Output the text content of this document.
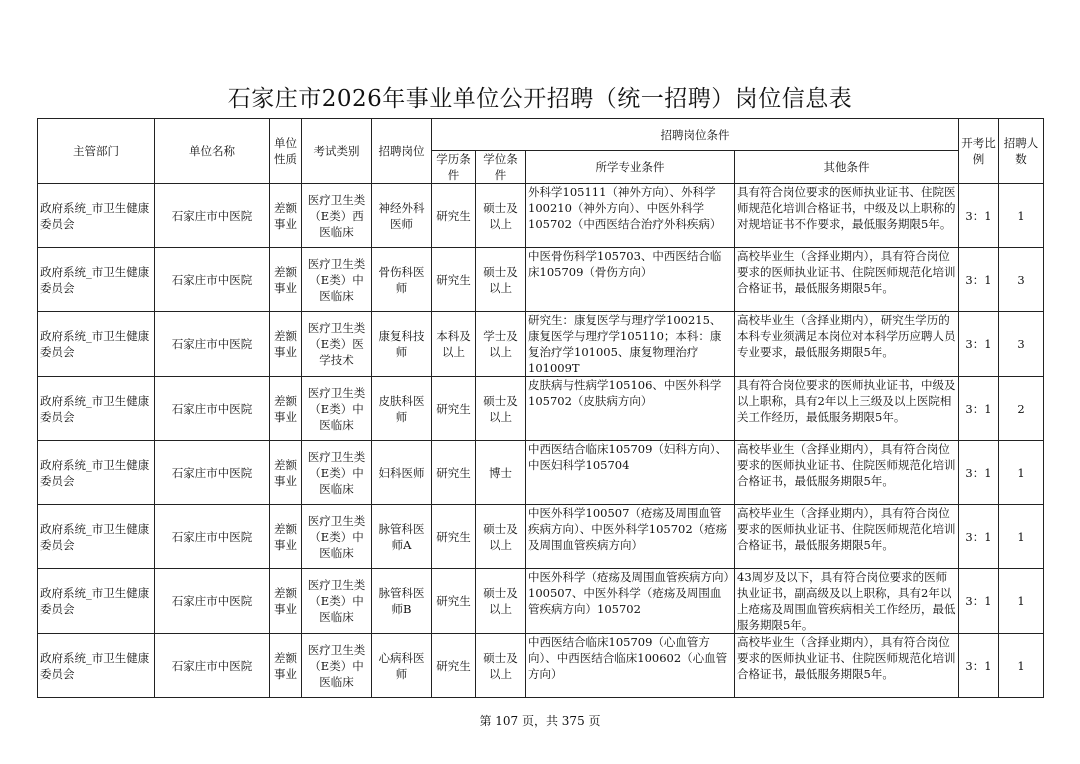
石家庄市2026年事业单位公开招聘（统一招聘）岗位信息表
主管部门	单位名称	单位性质	考试类别	招聘岗位	招聘岗位条件				开考比例	招聘人数
					学历条件	学位条件	所学专业条件	其他条件		
政府系统_市卫生健康委员会	石家庄市中医院	差额事业	医疗卫生类（E类）西医临床	神经外科医师	研究生	硕士及以上	外科学105111（神外方向）、外科学100210（神外方向）、中医外科学105702（中西医结合治疗外科疾病）	具有符合岗位要求的医师执业证书、住院医师规范化培训合格证书，中级及以上职称的对规培证书不作要求，最低服务期限5年。	3：1	1
政府系统_市卫生健康委员会	石家庄市中医院	差额事业	医疗卫生类（E类）中医临床	骨伤科医师	研究生	硕士及以上	中医骨伤科学105703、中西医结合临床105709（骨伤方向）	高校毕业生（含择业期内），具有符合岗位要求的医师执业证书、住院医师规范化培训合格证书，最低服务期限5年。	3：1	3
政府系统_市卫生健康委员会	石家庄市中医院	差额事业	医疗卫生类（E类）医学技术	康复科技师	本科及以上	学士及以上	研究生：康复医学与理疗学100215、康复医学与理疗学105110；本科：康复治疗学101005、康复物理治疗101009T	高校毕业生（含择业期内），研究生学历的本科专业须满足本岗位对本科学历应聘人员专业要求，最低服务期限5年。	3：1	3
政府系统_市卫生健康委员会	石家庄市中医院	差额事业	医疗卫生类（E类）中医临床	皮肤科医师	研究生	硕士及以上	皮肤病与性病学105106、中医外科学105702（皮肤病方向）	具有符合岗位要求的医师执业证书，中级及以上职称，具有2年以上三级及以上医院相关工作经历，最低服务期限5年。	3：1	2
政府系统_市卫生健康委员会	石家庄市中医院	差额事业	医疗卫生类（E类）中医临床	妇科医师	研究生	博士	中西医结合临床105709（妇科方向）、中医妇科学105704	高校毕业生（含择业期内），具有符合岗位要求的医师执业证书、住院医师规范化培训合格证书，最低服务期限5年。	3：1	1
政府系统_市卫生健康委员会	石家庄市中医院	差额事业	医疗卫生类（E类）中医临床	脉管科医师A	研究生	硕士及以上	中医外科学100507（疮疡及周围血管疾病方向）、中医外科学105702（疮疡及周围血管疾病方向）	高校毕业生（含择业期内），具有符合岗位要求的医师执业证书、住院医师规范化培训合格证书，最低服务期限5年。	3：1	1
政府系统_市卫生健康委员会	石家庄市中医院	差额事业	医疗卫生类（E类）中医临床	脉管科医师B	研究生	硕士及以上	中医外科学（疮疡及周围血管疾病方向）100507、中医外科学（疮疡及周围血管疾病方向）105702	43周岁及以下，具有符合岗位要求的医师执业证书，副高级及以上职称，具有2年以上疮疡及周围血管疾病相关工作经历，最低服务期限5年。	3：1	1
政府系统_市卫生健康委员会	石家庄市中医院	差额事业	医疗卫生类（E类）中医临床	心病科医师	研究生	硕士及以上	中西医结合临床105709（心血管方向）、中西医结合临床100602（心血管方向）	高校毕业生（含择业期内），具有符合岗位要求的医师执业证书、住院医师规范化培训合格证书，最低服务期限5年。	3：1	1
第 107 页，共 375 页
